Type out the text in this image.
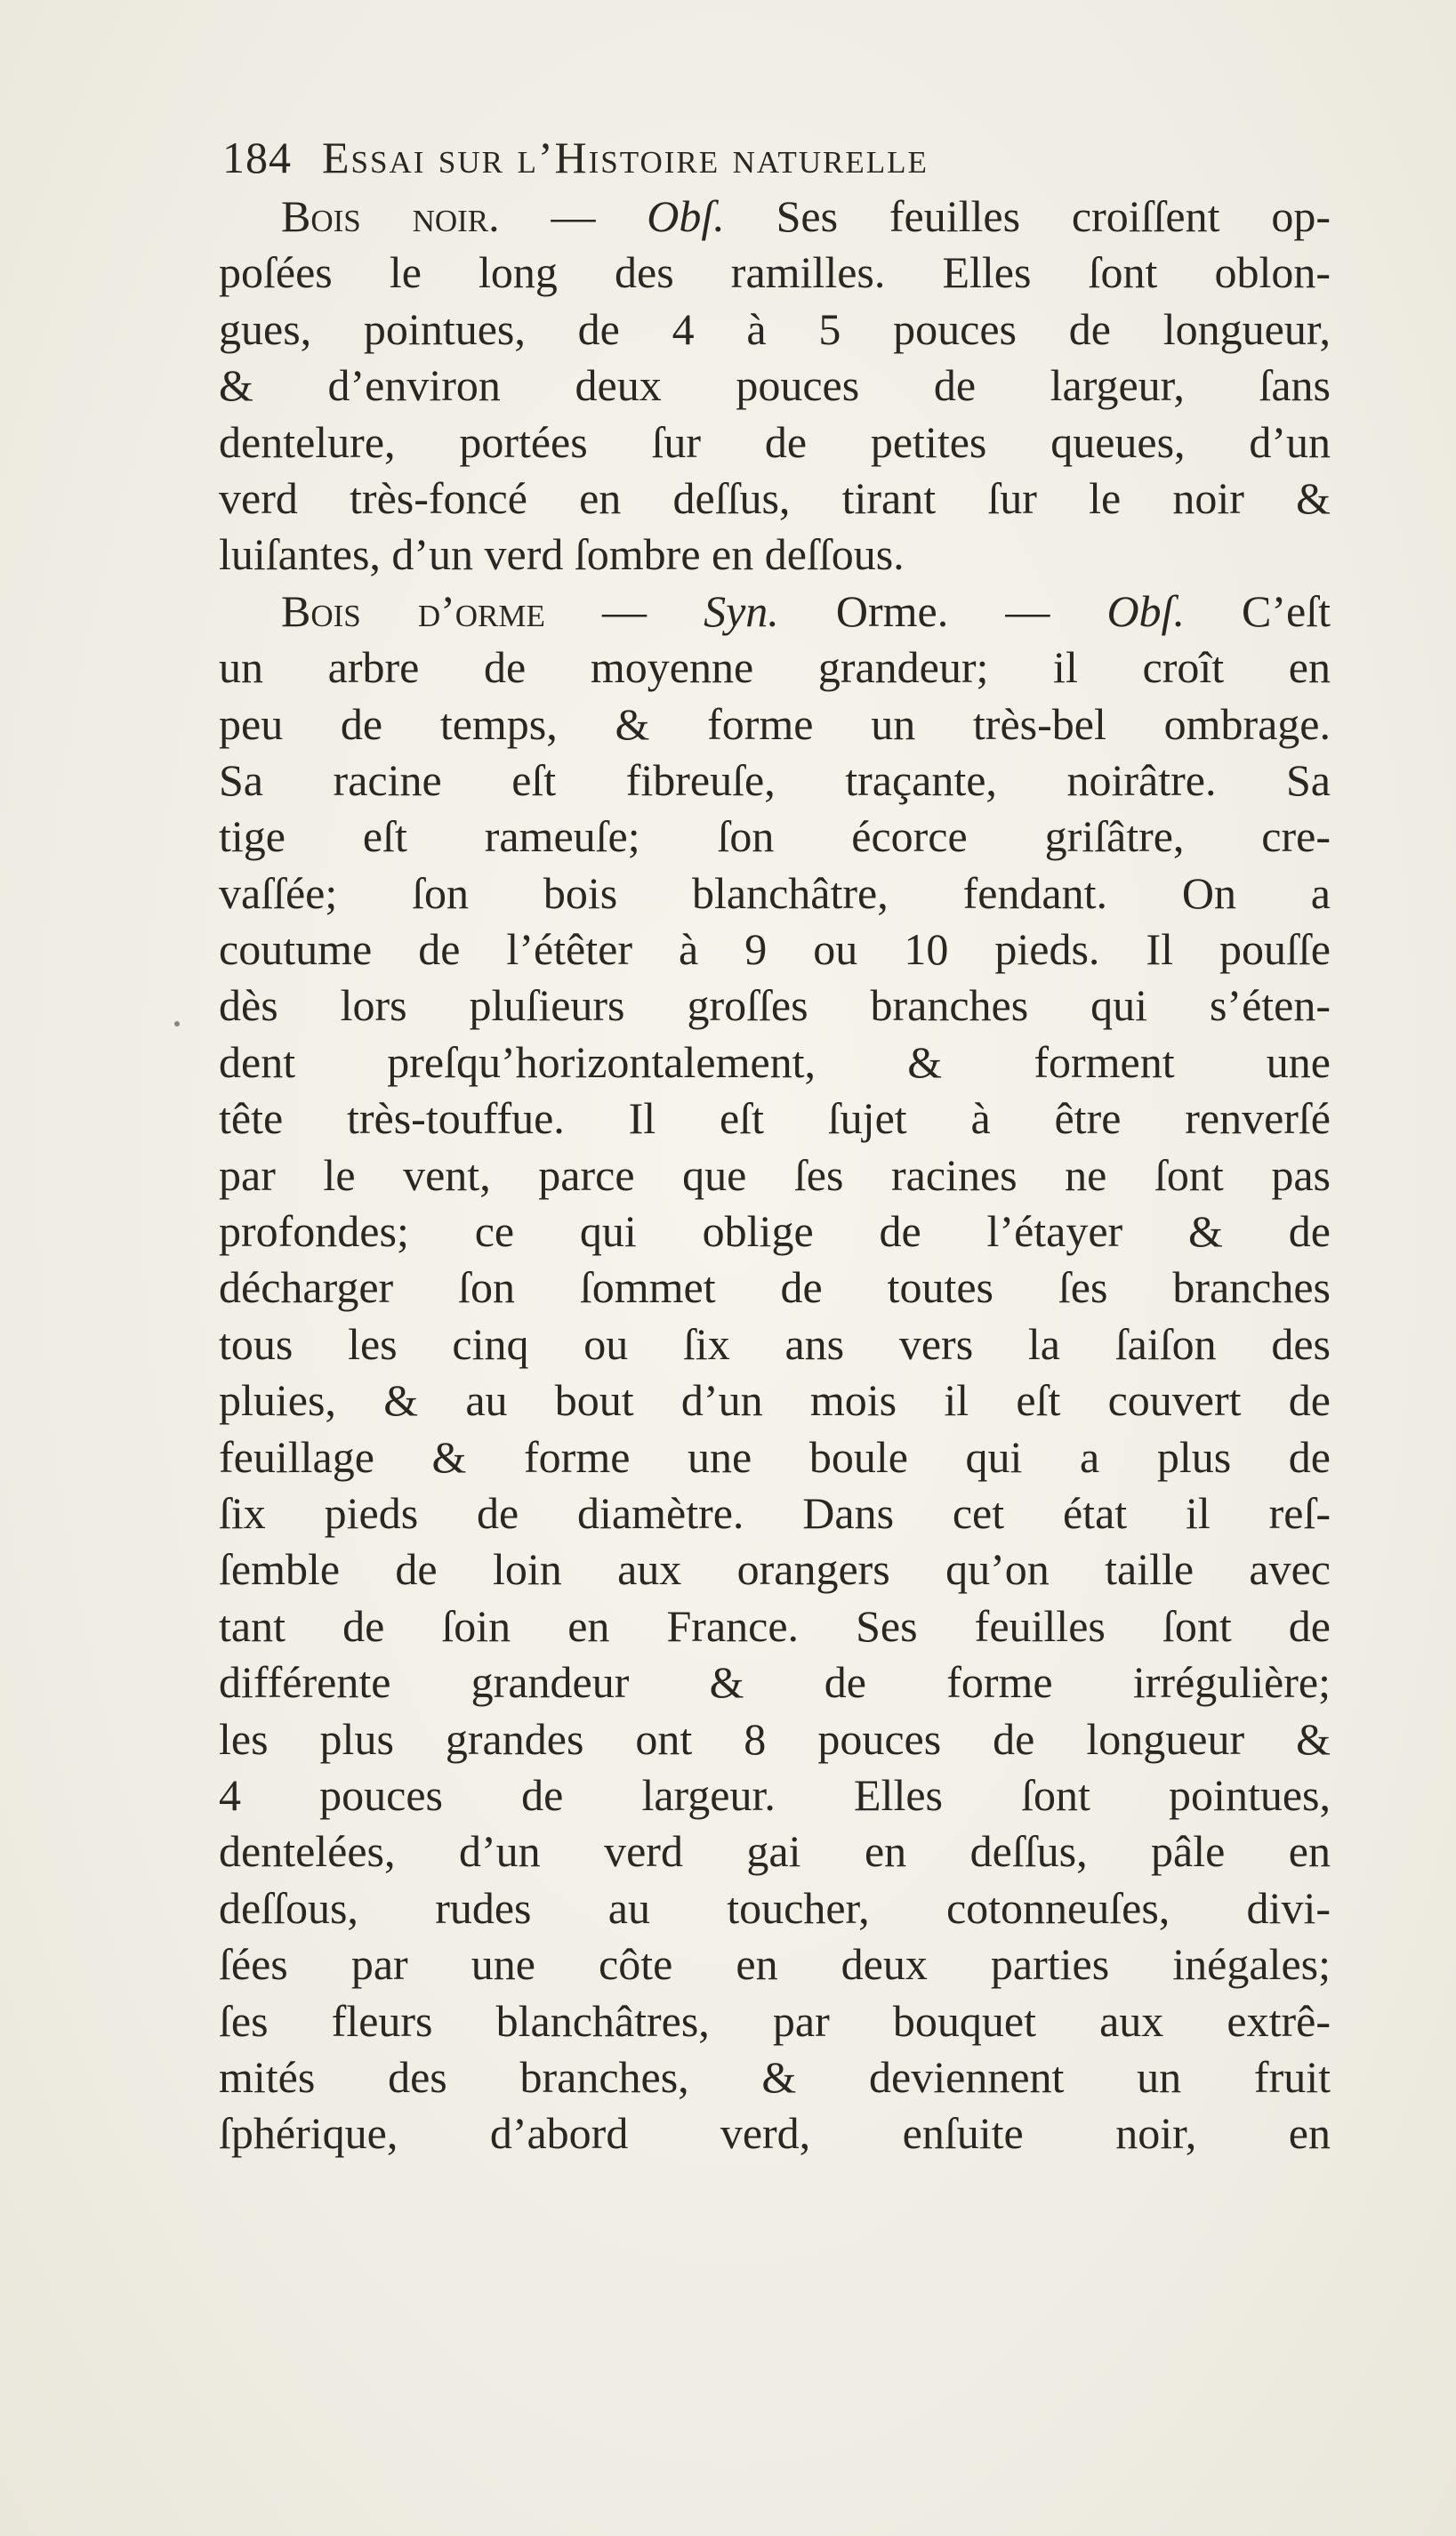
184 Essai sur l’Histoire naturelle
Bois noir. — Obſ. Ses feuilles croiſſent op-
poſées le long des ramilles. Elles ſont oblon-
gues, pointues, de 4 à 5 pouces de longueur,
& d’environ deux pouces de largeur, ſans
dentelure, portées ſur de petites queues, d’un
verd très-foncé en deſſus, tirant ſur le noir &
luiſantes, d’un verd ſombre en deſſous.
Bois d’orme — Syn. Orme. — Obſ. C’eſt
un arbre de moyenne grandeur; il croît en
peu de temps, & forme un très-bel ombrage.
Sa racine eſt fibreuſe, traçante, noirâtre. Sa
tige eſt rameuſe; ſon écorce griſâtre, cre-
vaſſée; ſon bois blanchâtre, fendant. On a
coutume de l’étêter à 9 ou 10 pieds. Il pouſſe
dès lors pluſieurs groſſes branches qui s’éten-
dent preſqu’horizontalement, & forment une
tête très-touffue. Il eſt ſujet à être renverſé
par le vent, parce que ſes racines ne ſont pas
profondes; ce qui oblige de l’étayer & de
décharger ſon ſommet de toutes ſes branches
tous les cinq ou ſix ans vers la ſaiſon des
pluies, & au bout d’un mois il eſt couvert de
feuillage & forme une boule qui a plus de
ſix pieds de diamètre. Dans cet état il reſ-
ſemble de loin aux orangers qu’on taille avec
tant de ſoin en France. Ses feuilles ſont de
différente grandeur & de forme irrégulière;
les plus grandes ont 8 pouces de longueur &
4 pouces de largeur. Elles ſont pointues,
dentelées, d’un verd gai en deſſus, pâle en
deſſous, rudes au toucher, cotonneuſes, divi-
ſées par une côte en deux parties inégales;
ſes fleurs blanchâtres, par bouquet aux extrê-
mités des branches, & deviennent un fruit
ſphérique, d’abord verd, enſuite noir, en
